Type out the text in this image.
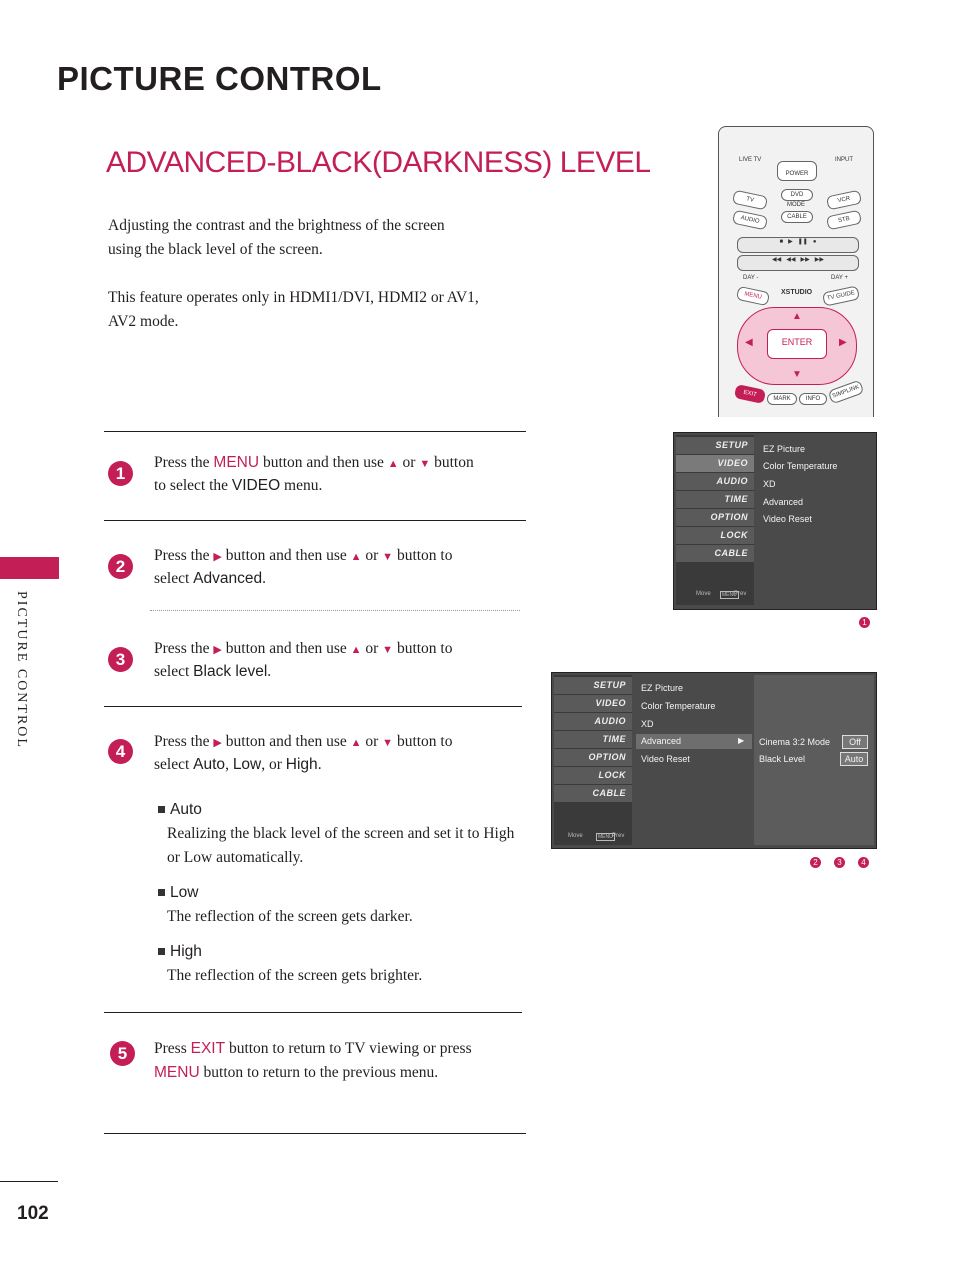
PICTURE CONTROL
ADVANCED-BLACK(DARKNESS) LEVEL
Adjusting the contrast and the brightness of the screen
using the black level of the screen.
This feature operates only in HDMI1/DVI, HDMI2 or AV1,
AV2 mode.
PICTURE CONTROL
102
1
Press the MENU button and then use ▲ or ▼ button
to select the VIDEO menu.
2
Press the ▶ button and then use ▲ or ▼ button to
select Advanced.
3
Press the ▶ button and then use ▲ or ▼ button to
select Black level.
4
Press the ▶ button and then use ▲ or ▼ button to
select Auto, Low, or High.
Auto
Realizing the black level of the screen and set it to High or Low automatically.
Low
The reflection of the screen gets darker.
High
The reflection of the screen gets brighter.
5	Press EXIT button to return to TV viewing or press
MENU button to return to the previous menu.
LIVE TV	INPUT
POWER
TV
DVD
VCR
MODE
AUDIO	CABLE	STB
■   ▶   ❚❚   ●
◀◀   ◀◀   ▶▶   ▶▶
DAY -	DAY +
MENU	XSTUDIO	TV GUIDE
▲
▼
◀	▶
ENTER
EXIT
MARK	INFO	SIMPLINK
SETUP
VIDEO
AUDIO
TIME
OPTION
LOCK
CABLE
Move	MENU
Prev
EZ Picture
Color Temperature
XD
Advanced
Video Reset
1
SETUP
VIDEO
AUDIO
TIME
OPTION
LOCK
CABLE
Move	MENU Prev
EZ Picture
Color Temperature
XD
Advanced	▶
Video Reset
Cinema 3:2 Mode	Off
Black Level	Auto
2	3	4
